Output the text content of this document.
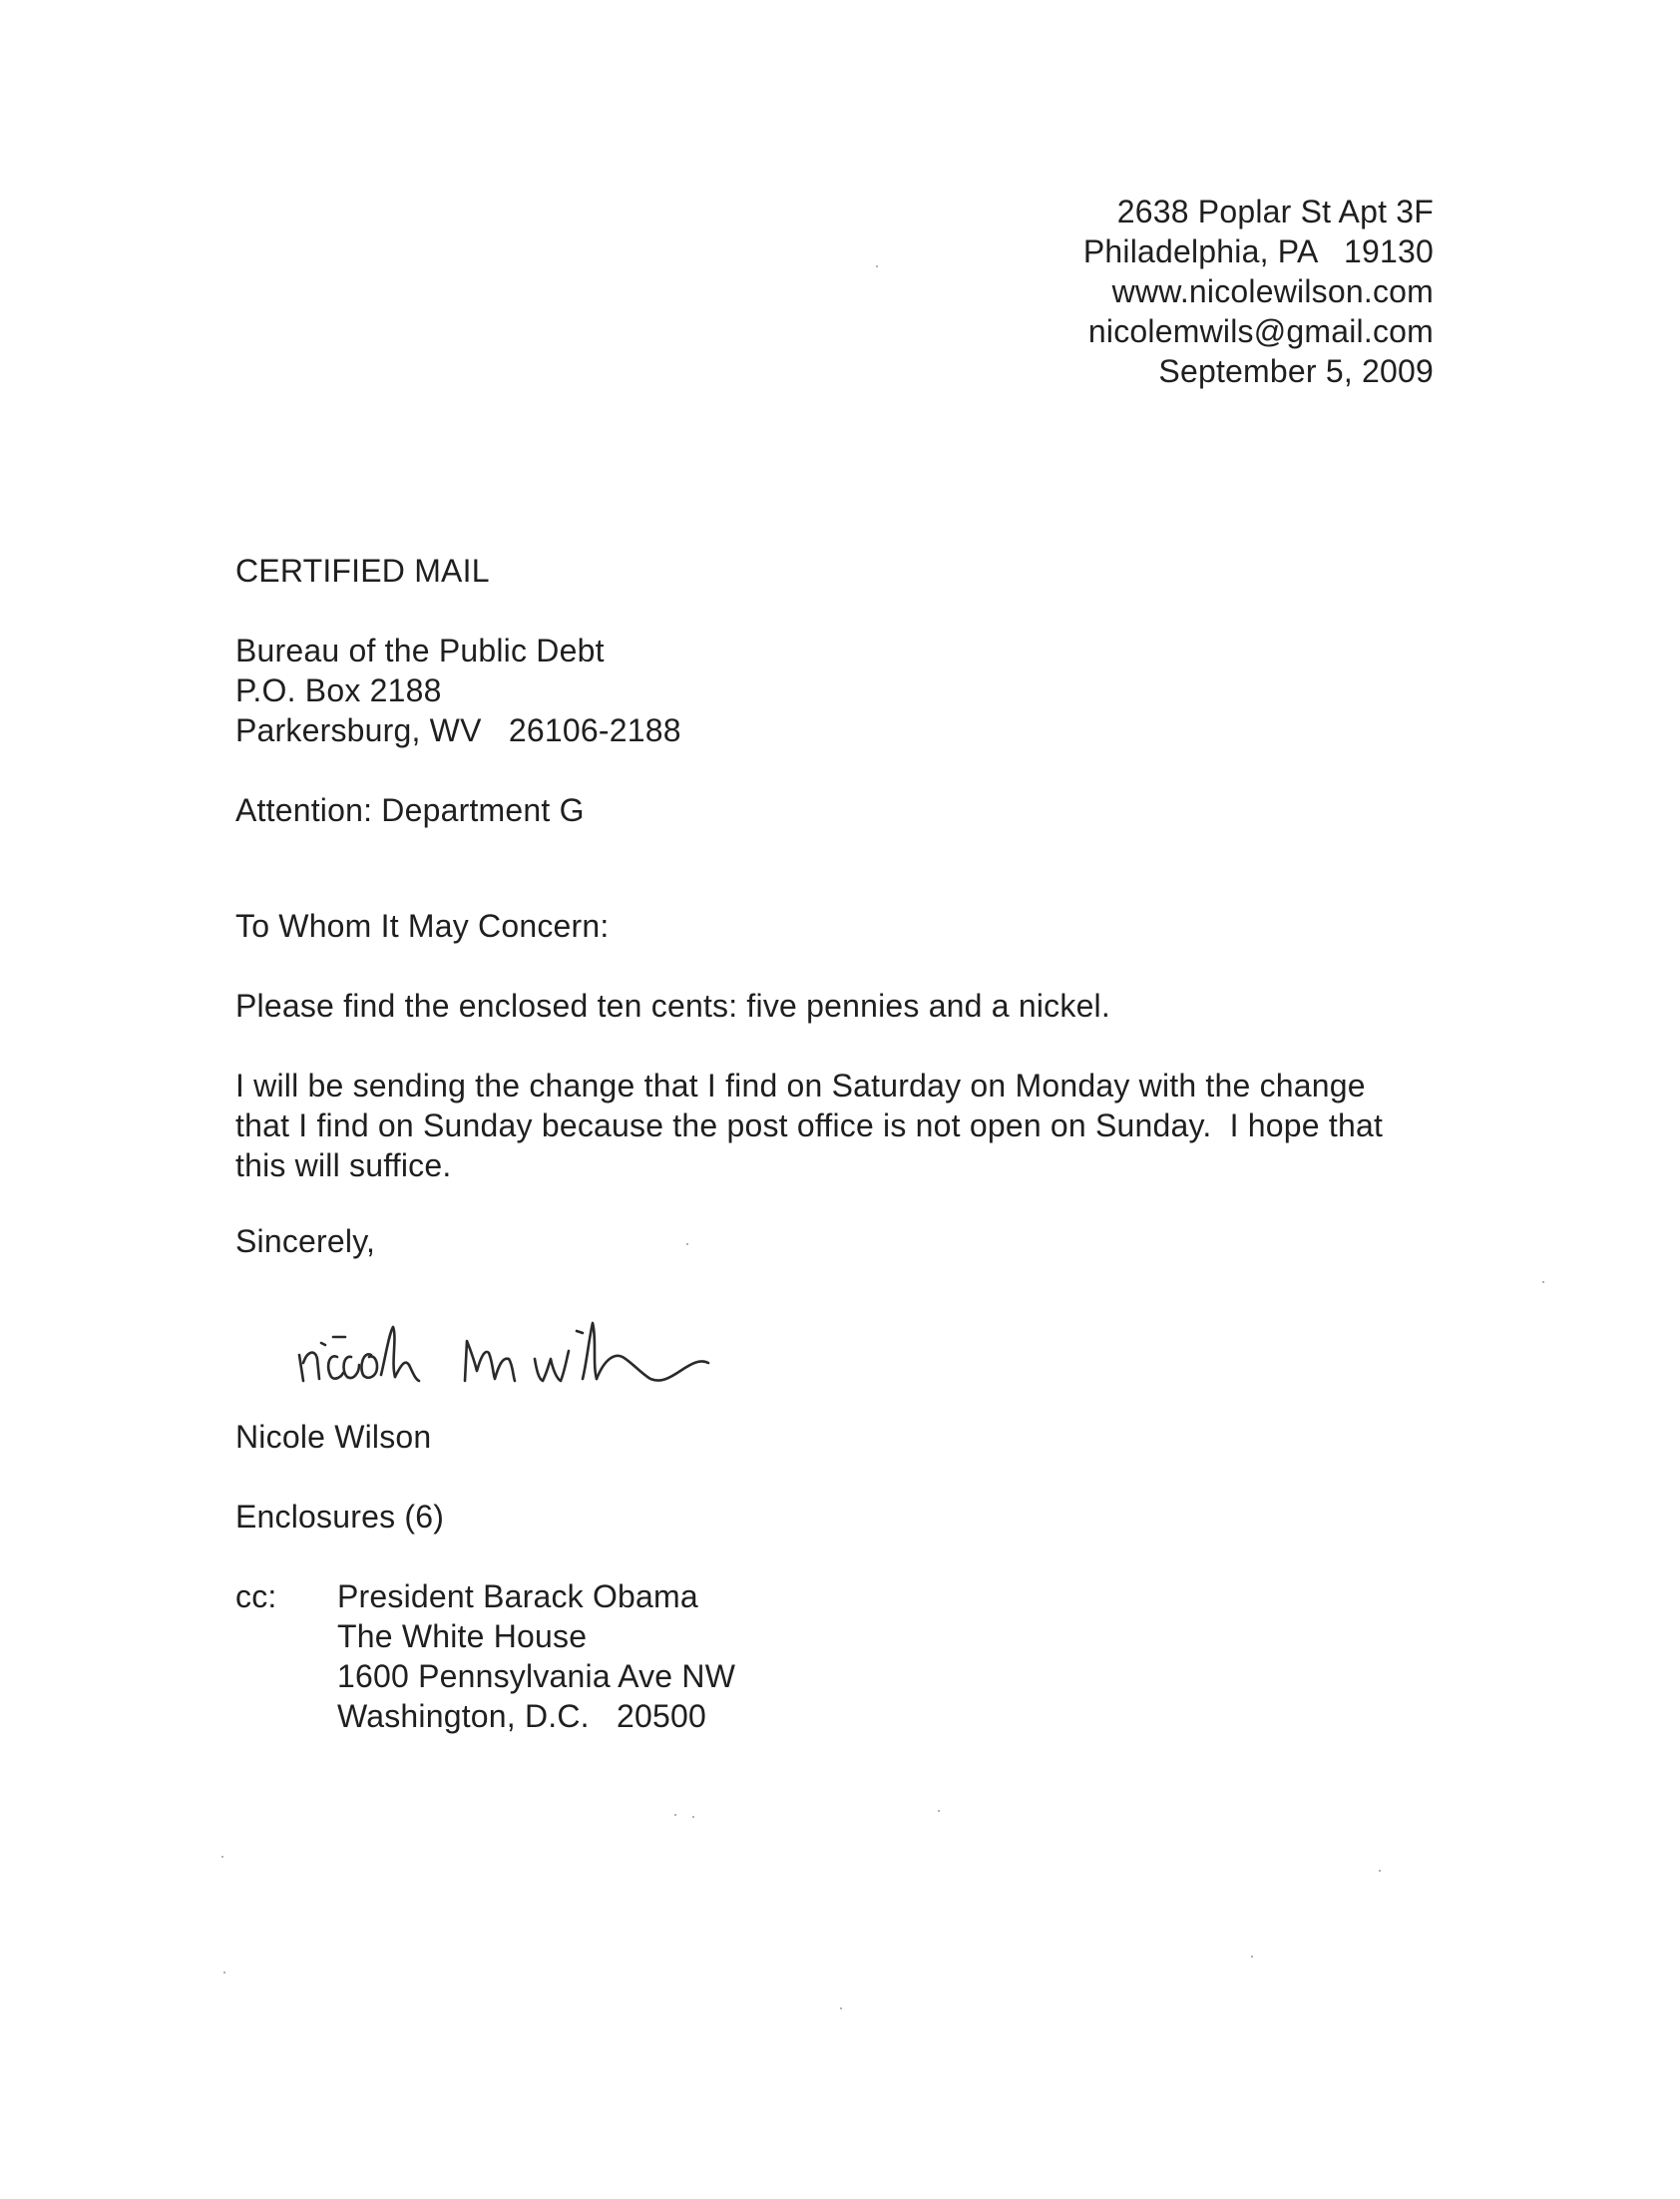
2638 Poplar St Apt 3F
Philadelphia, PA   19130
www.nicolewilson.com
nicolemwils@gmail.com
September 5, 2009
CERTIFIED MAIL
Bureau of the Public Debt
P.O. Box 2188
Parkersburg, WV   26106-2188
Attention: Department G
To Whom It May Concern:
Please find the enclosed ten cents: five pennies and a nickel.
I will be sending the change that I find on Saturday on Monday with the change
that I find on Sunday because the post office is not open on Sunday.  I hope that
this will suffice.
Sincerely,
Nicole Wilson
Enclosures (6)
cc: President Barack Obama
The White House
1600 Pennsylvania Ave NW
Washington, D.C.   20500
